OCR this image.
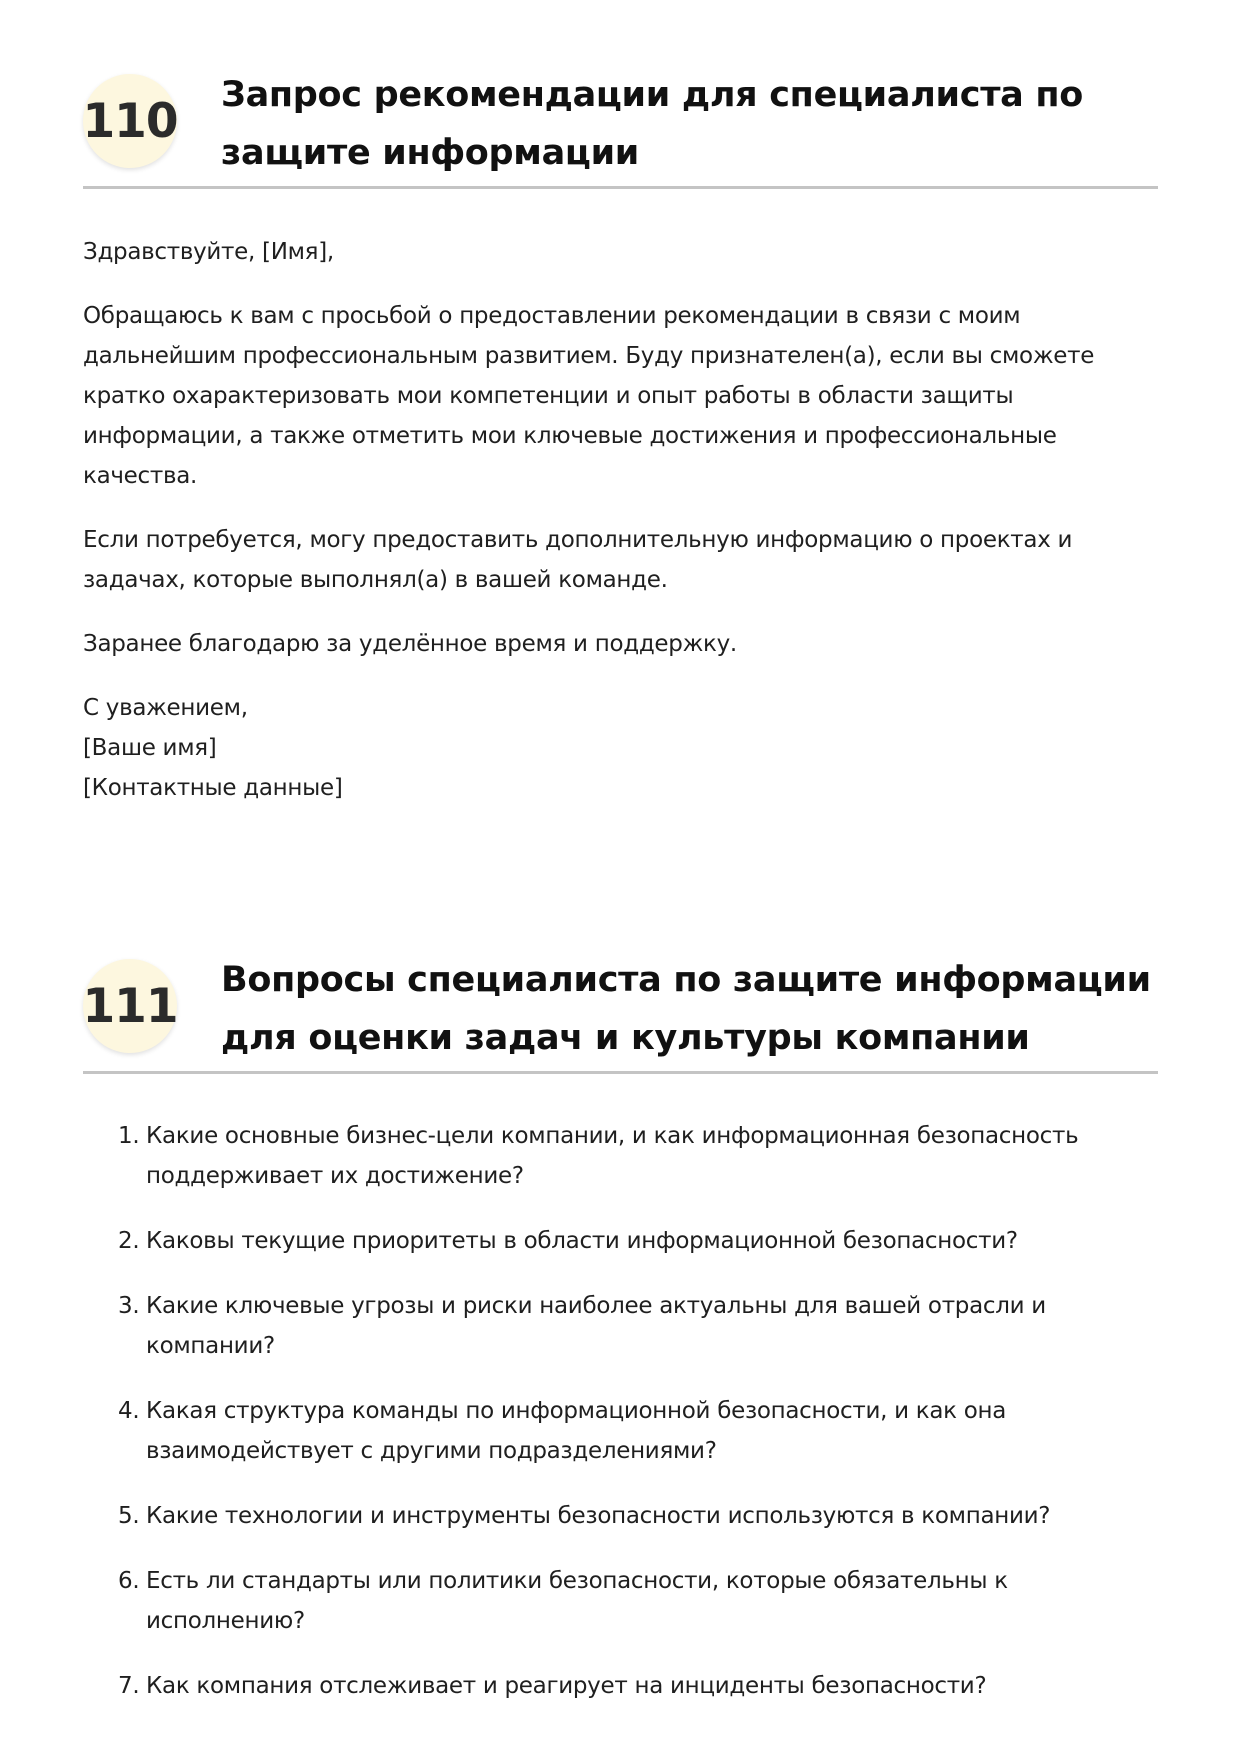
110 Запрос рекомендации для специалиста по защите информации

Здравствуйте, [Имя],

Обращаюсь к вам с просьбой о предоставлении рекомендации в связи с моим дальнейшим профессиональным развитием. Буду признателен(а), если вы сможете кратко охарактеризовать мои компетенции и опыт работы в области защиты информации, а также отметить мои ключевые достижения и профессиональные качества.

Если потребуется, могу предоставить дополнительную информацию о проектах и задачах, которые выполнял(а) в вашей команде.

Заранее благодарю за уделённое время и поддержку.

С уважением,
[Ваше имя]
[Контактные данные]

111 Вопросы специалиста по защите информации для оценки задач и культуры компании
1. Какие основные бизнес-цели компании, и как информационная безопасность поддерживает их достижение?
2. Каковы текущие приоритеты в области информационной безопасности?
3. Какие ключевые угрозы и риски наиболее актуальны для вашей отрасли и компании?
4. Какая структура команды по информационной безопасности, и как она взаимодействует с другими подразделениями?
5. Какие технологии и инструменты безопасности используются в компании?
6. Есть ли стандарты или политики безопасности, которые обязательны к исполнению?
7. Как компания отслеживает и реагирует на инциденты безопасности?
